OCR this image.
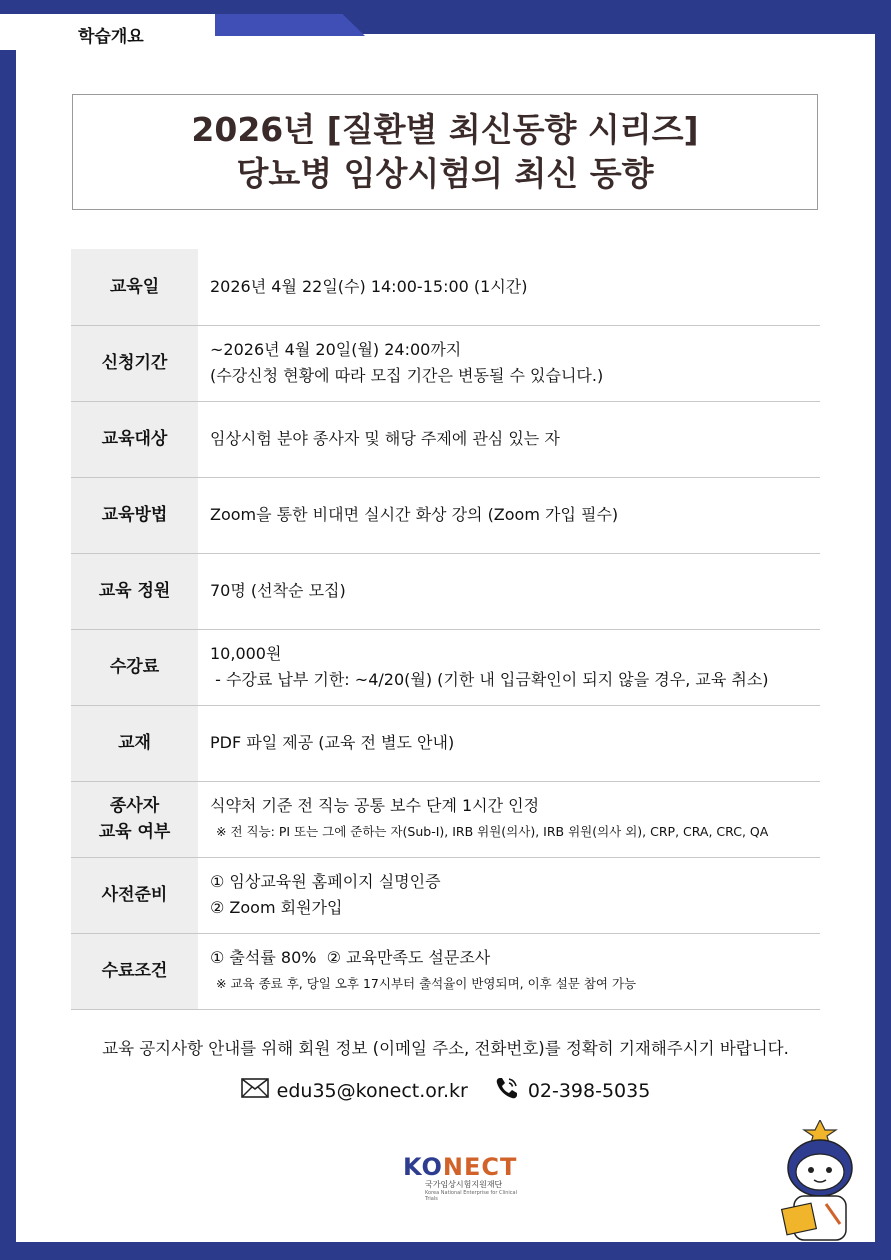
학습개요
2026년 [질환별 최신동향 시리즈]
당뇨병 임상시험의 최신 동향
교육일	2026년 4월 22일(수) 14:00-15:00 (1시간)

신청기간	~2026년 4월 20일(월) 24:00까지
(수강신청 현황에 따라 모집 기간은 변동될 수 있습니다.)

교육대상	임상시험 분야 종사자 및 해당 주제에 관심 있는 자

교육방법	Zoom을 통한 비대면 실시간 화상 강의 (Zoom 가입 필수)

교육 정원	70명 (선착순 모집)

수강료	10,000원
- 수강료 납부 기한: ~4/20(월) (기한 내 입금확인이 되지 않을 경우, 교육 취소)

교재	PDF 파일 제공 (교육 전 별도 안내)

종사자
교육 여부	식약처 기준 전 직능 공통 보수 단계 1시간 인정
※ 전 직능: PI 또는 그에 준하는 자(Sub-I), IRB 위원(의사), IRB 위원(의사 외), CRP, CRA, CRC, QA

사전준비	① 임상교육원 홈페이지 실명인증
② Zoom 회원가입

수료조건	① 출석률 80%  ② 교육만족도 설문조사
※ 교육 종료 후, 당일 오후 17시부터 출석율이 반영되며, 이후 설문 참여 가능
교육 공지사항 안내를 위해 회원 정보 (이메일 주소, 전화번호)를 정확히 기재해주시기 바랍니다.
edu35@konect.or.kr	02-398-5035
KONECT
국가임상시험지원재단
Korea National Enterprise for Clinical Trials
